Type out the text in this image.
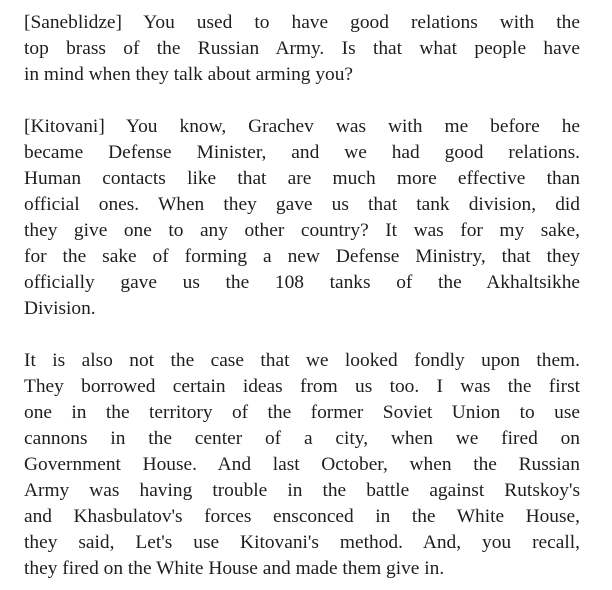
[Saneblidze] You used to have good relations with the
top brass of the Russian Army. Is that what people have
in mind when they talk about arming you?

[Kitovani] You know, Grachev was with me before he
became Defense Minister, and we had good relations.
Human contacts like that are much more effective than
official ones. When they gave us that tank division, did
they give one to any other country? It was for my sake,
for the sake of forming a new Defense Ministry, that they
officially gave us the 108 tanks of the Akhaltsikhe
Division.

It is also not the case that we looked fondly upon them.
They borrowed certain ideas from us too. I was the first
one in the territory of the former Soviet Union to use
cannons in the center of a city, when we fired on
Government House. And last October, when the Russian
Army was having trouble in the battle against Rutskoy's
and Khasbulatov's forces ensconced in the White House,
they said, Let's use Kitovani's method. And, you recall,
they fired on the White House and made them give in.
